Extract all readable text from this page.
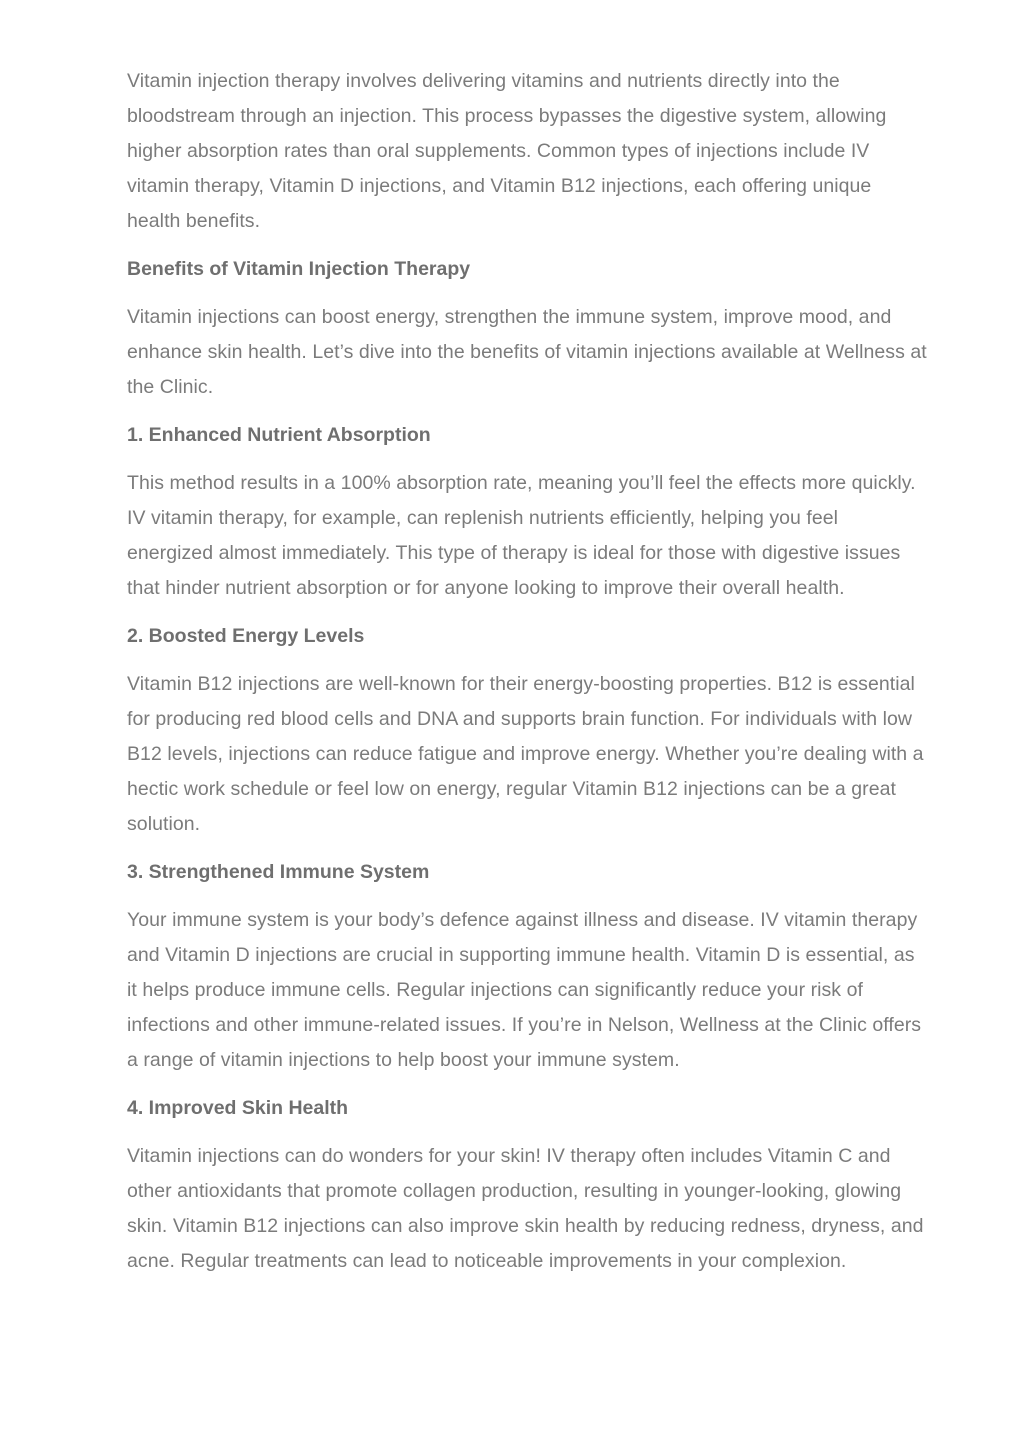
Vitamin injection therapy involves delivering vitamins and nutrients directly into the bloodstream through an injection. This process bypasses the digestive system, allowing higher absorption rates than oral supplements. Common types of injections include IV vitamin therapy, Vitamin D injections, and Vitamin B12 injections, each offering unique health benefits.

Benefits of Vitamin Injection Therapy

Vitamin injections can boost energy, strengthen the immune system, improve mood, and enhance skin health. Let’s dive into the benefits of vitamin injections available at Wellness at the Clinic.

1. Enhanced Nutrient Absorption

This method results in a 100% absorption rate, meaning you’ll feel the effects more quickly. IV vitamin therapy, for example, can replenish nutrients efficiently, helping you feel energized almost immediately. This type of therapy is ideal for those with digestive issues that hinder nutrient absorption or for anyone looking to improve their overall health.

2. Boosted Energy Levels

Vitamin B12 injections are well-known for their energy-boosting properties. B12 is essential for producing red blood cells and DNA and supports brain function. For individuals with low B12 levels, injections can reduce fatigue and improve energy. Whether you’re dealing with a hectic work schedule or feel low on energy, regular Vitamin B12 injections can be a great solution.

3. Strengthened Immune System

Your immune system is your body’s defence against illness and disease. IV vitamin therapy and Vitamin D injections are crucial in supporting immune health. Vitamin D is essential, as it helps produce immune cells. Regular injections can significantly reduce your risk of infections and other immune-related issues. If you’re in Nelson, Wellness at the Clinic offers a range of vitamin injections to help boost your immune system.

4. Improved Skin Health

Vitamin injections can do wonders for your skin! IV therapy often includes Vitamin C and other antioxidants that promote collagen production, resulting in younger-looking, glowing skin. Vitamin B12 injections can also improve skin health by reducing redness, dryness, and acne. Regular treatments can lead to noticeable improvements in your complexion.
